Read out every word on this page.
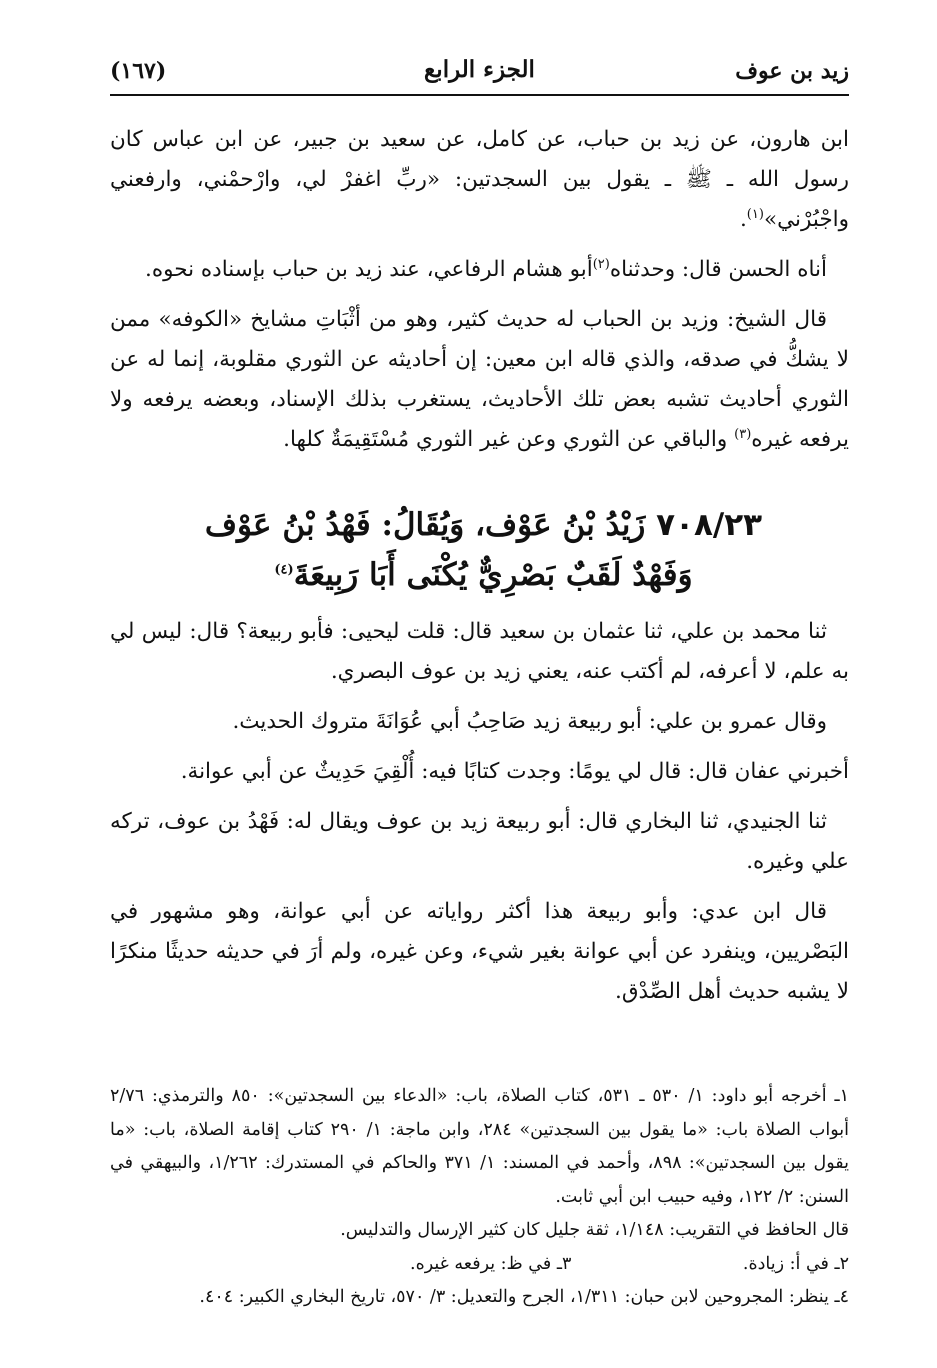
زيد بن عوف
الجزء الرابع
(١٦٧)

ابن هارون، عن زيد بن حباب، عن كامل، عن سعيد بن جبير، عن ابن عباس كان رسول الله ـ ﷺ ـ يقول بين السجدتين: «ربِّ اغفرْ لي، وارْحمْني، وارفعني واجْبُرْني»$^{(١)}$.

أناه الحسن قال: وحدثناه$^{(٢)}$أبو هشام الرفاعي، عند زيد بن حباب بإسناده نحوه.

قال الشيخ: وزيد بن الحباب له حديث كثير، وهو من أثْبَاتِ مشايخ «الكوفه» ممن لا يشكُّ في صدقه، والذي قاله ابن معين: إن أحاديثه عن الثوري مقلوبة، إنما له عن الثوري أحاديث تشبه بعض تلك الأحاديث، يستغرب بذلك الإسناد، وبعضه يرفعه ولا يرفعه غيره$^{(٣)}$ والباقي عن الثوري وعن غير الثوري مُسْتَقِيمَةٌ كلها.

٧٠٨/٢٣ زَيْدُ بْنُ عَوْف، وَيُقَالُ: فَهْدُ بْنُ عَوْف
وَفَهْدٌ لَقَبٌ بَصْرِيٌّ يُكْنَى أَبَا رَبِيعَةَ$^{(٤)}$

ثنا محمد بن علي، ثنا عثمان بن سعيد قال: قلت ليحيى: فأبو ربيعة؟ قال: ليس لي به علم، لا أعرفه، لم أكتب عنه، يعني زيد بن عوف البصري.

وقال عمرو بن علي: أبو ربيعة زيد صَاحِبُ أبي عُوَانَةَ متروك الحديث.

أخبرني عفان قال: قال لي يومًا: وجدت كتابًا فيه: أُلْقِيَ حَدِيثٌ عن أبي عوانة.

ثنا الجنيدي، ثنا البخاري قال: أبو ربيعة زيد بن عوف ويقال له: فَهْدُ بن عوف، تركه علي وغيره.

قال ابن عدي: وأبو ربيعة هذا أكثر رواياته عن أبي عوانة، وهو مشهور في البَصْريين، وينفرد عن أبي عوانة بغير شيء، وعن غيره، ولم أرَ في حديثه حديثًا منكرًا لا يشبه حديث أهل الصِّدْق.

١ـ أخرجه أبو داود: ١/ ٥٣٠ ـ ٥٣١، كتاب الصلاة، باب: «الدعاء بين السجدتين»: ٨٥٠ والترمذي: ٢/٧٦ أبواب الصلاة باب: «ما يقول بين السجدتين» ٢٨٤، وابن ماجة: ١/ ٢٩٠ كتاب إقامة الصلاة، باب: «ما يقول بين السجدتين»: ٨٩٨، وأحمد في المسند: ١/ ٣٧١ والحاكم في المستدرك: ١/٢٦٢، والبيهقي في السنن: ٢/ ١٢٢، وفيه حبيب ابن أبي ثابت.

قال الحافظ في التقريب: ١/١٤٨، ثقة جليل كان كثير الإرسال والتدليس.

٢ـ في أ: زيادة.
٣ـ في ظ: يرفعه غيره.

٤ـ ينظر: المجروحين لابن حبان: ١/٣١١، الجرح والتعديل: ٣/ ٥٧٠، تاريخ البخاري الكبير: ٤٠٤.
